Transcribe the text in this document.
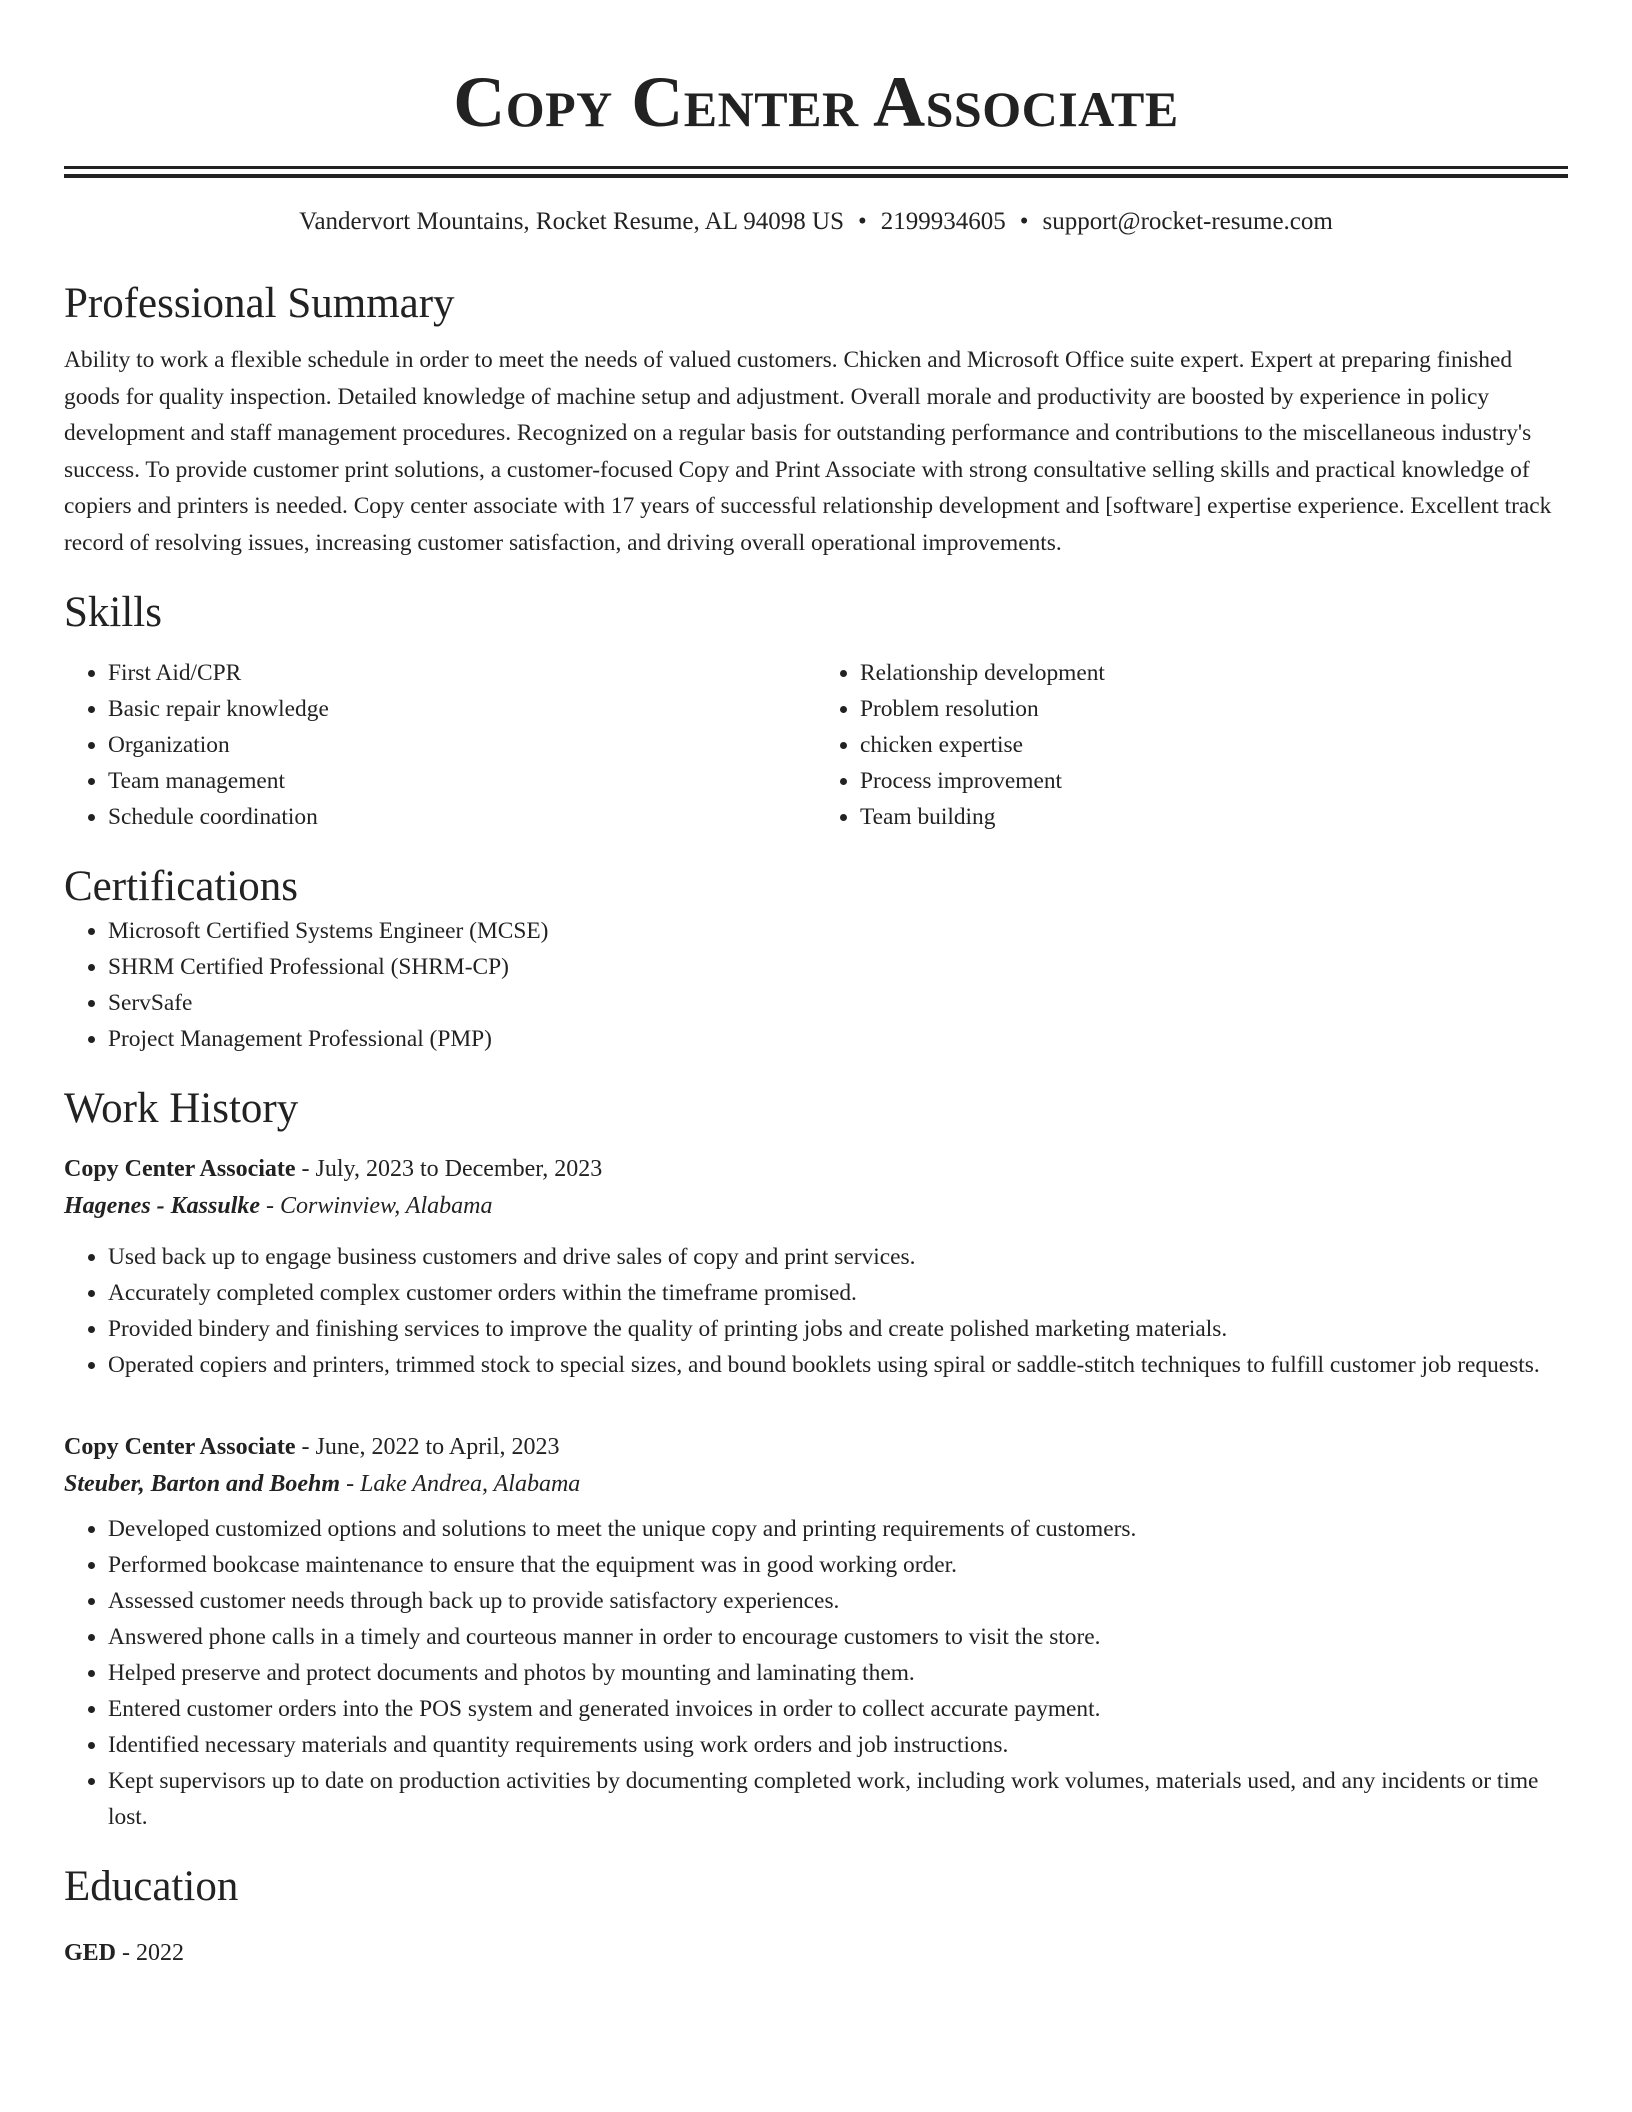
Copy Center Associate
Vandervort Mountains, Rocket Resume, AL 94098 US • 2199934605 • support@rocket-resume.com
Professional Summary

Ability to work a flexible schedule in order to meet the needs of valued customers. Chicken and Microsoft Office suite expert. Expert at preparing finished goods for quality inspection. Detailed knowledge of machine setup and adjustment. Overall morale and productivity are boosted by experience in policy development and staff management procedures. Recognized on a regular basis for outstanding performance and contributions to the miscellaneous industry's success. To provide customer print solutions, a customer-focused Copy and Print Associate with strong consultative selling skills and practical knowledge of copiers and printers is needed. Copy center associate with 17 years of successful relationship development and [software] expertise experience. Excellent track record of resolving issues, increasing customer satisfaction, and driving overall operational improvements.

Skills
• First Aid/CPR
• Basic repair knowledge
• Organization
• Team management
• Schedule coordination
• Relationship development
• Problem resolution
• chicken expertise
• Process improvement
• Team building
Certifications
• Microsoft Certified Systems Engineer (MCSE)
• SHRM Certified Professional (SHRM-CP)
• ServSafe
• Project Management Professional (PMP)
Work History
Copy Center Associate - July, 2023 to December, 2023
Hagenes - Kassulke - Corwinview, Alabama
• Used back up to engage business customers and drive sales of copy and print services.
• Accurately completed complex customer orders within the timeframe promised.
• Provided bindery and finishing services to improve the quality of printing jobs and create polished marketing materials.
• Operated copiers and printers, trimmed stock to special sizes, and bound booklets using spiral or saddle-stitch techniques to fulfill customer job requests.
Copy Center Associate - June, 2022 to April, 2023
Steuber, Barton and Boehm - Lake Andrea, Alabama
• Developed customized options and solutions to meet the unique copy and printing requirements of customers.
• Performed bookcase maintenance to ensure that the equipment was in good working order.
• Assessed customer needs through back up to provide satisfactory experiences.
• Answered phone calls in a timely and courteous manner in order to encourage customers to visit the store.
• Helped preserve and protect documents and photos by mounting and laminating them.
• Entered customer orders into the POS system and generated invoices in order to collect accurate payment.
• Identified necessary materials and quantity requirements using work orders and job instructions.
• Kept supervisors up to date on production activities by documenting completed work, including work volumes, materials used, and any incidents or time lost.
Education
GED - 2022
